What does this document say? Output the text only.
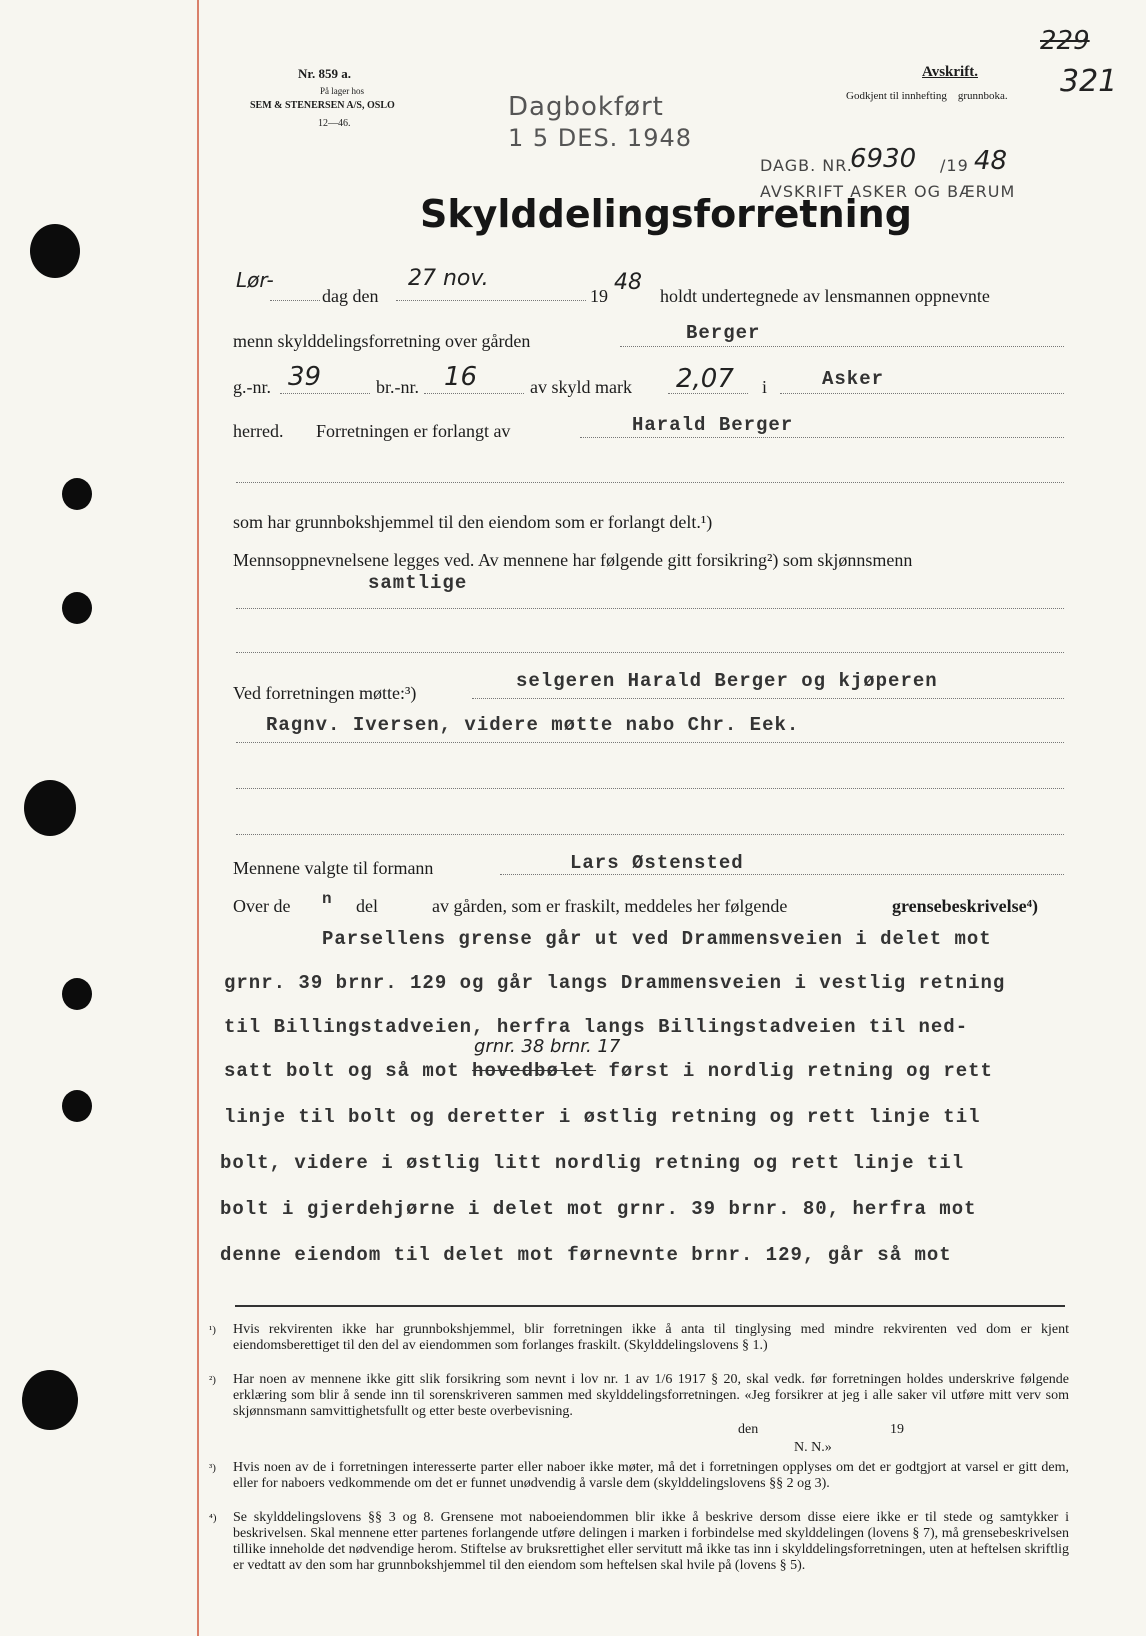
Nr. 859 a.
På lager hos
SEM & STENERSEN A/S, OSLO
12—46.
Dagbokført
1 5 DES. 1948
Avskrift.
Godkjent til innhefting grunnboka.
229
321
DAGB. NR.
6930 /19 48
AVSKRIFT ASKER OG BÆRUM
Skylddelingsforretning
Lør-
dag den
27 nov.
19
48
holdt undertegnede av lensmannen oppnevnte
menn skylddelingsforretning over gården	Berger
g.-nr. 39	br.-nr. 16	av skyld mark 2,07 i	Asker
herred. Forretningen er forlangt av	Harald Berger
som har grunnbokshjemmel til den eiendom som er forlangt delt.¹)
Mennsoppnevnelsene legges ved. Av mennene har følgende gitt forsikring²) som skjønnsmenn
samtlige
Ved forretningen møtte:³)
selgeren Harald Berger og kjøperen
Ragnv. Iversen, videre møtte nabo Chr. Eek.
Mennene valgte til formann	Lars Østensted
Over de n del	av gården, som er fraskilt, meddeles her følgende	grensebeskrivelse⁴)
Parsellens grense går ut ved Drammensveien i delet mot
grnr. 39 brnr. 129 og går langs Drammensveien i vestlig retning
til Billingstadveien, herfra langs Billingstadveien til ned-
grnr. 38 brnr. 17
satt bolt og så mot hovedbølet først i nordlig retning og rett
linje til bolt og deretter i østlig retning og rett linje til
bolt, videre i østlig litt nordlig retning og rett linje til
bolt i gjerdehjørne i delet mot grnr. 39 brnr. 80, herfra mot
denne eiendom til delet mot førnevnte brnr. 129, går så mot
¹) Hvis rekvirenten ikke har grunnbokshjemmel, blir forretningen ikke å anta til tinglysing med mindre rekvirenten ved dom er kjent eiendomsberettiget til den del av eiendommen som forlanges fraskilt. (Skylddelingslovens § 1.)
²) Har noen av mennene ikke gitt slik forsikring som nevnt i lov nr. 1 av 1/6 1917 § 20, skal vedk. før forretningen holdes underskrive følgende erklæring som blir å sende inn til sorenskriveren sammen med skylddelingsforretningen. «Jeg forsikrer at jeg i alle saker vil utføre mitt verv som skjønnsmann samvittighetsfullt og etter beste overbevisning.
den	19
N. N.»
³) Hvis noen av de i forretningen interesserte parter eller naboer ikke møter, må det i forretningen opplyses om det er godtgjort at varsel er gitt dem, eller for naboers vedkommende om det er funnet unødvendig å varsle dem (skylddelingslovens §§ 2 og 3).
⁴) Se skylddelingslovens §§ 3 og 8. Grensene mot naboeiendommen blir ikke å beskrive dersom disse eiere ikke er til stede og samtykker i beskrivelsen. Skal mennene etter partenes forlangende utføre delingen i marken i forbindelse med skylddelingen (lovens § 7), må grensebeskrivelsen tillike inneholde det nødvendige herom. Stiftelse av bruksrettighet eller servitutt må ikke tas inn i skylddelingsforretningen, uten at heftelsen skriftlig er vedtatt av den som har grunnbokshjemmel til den eiendom som heftelsen skal hvile på (lovens § 5).
